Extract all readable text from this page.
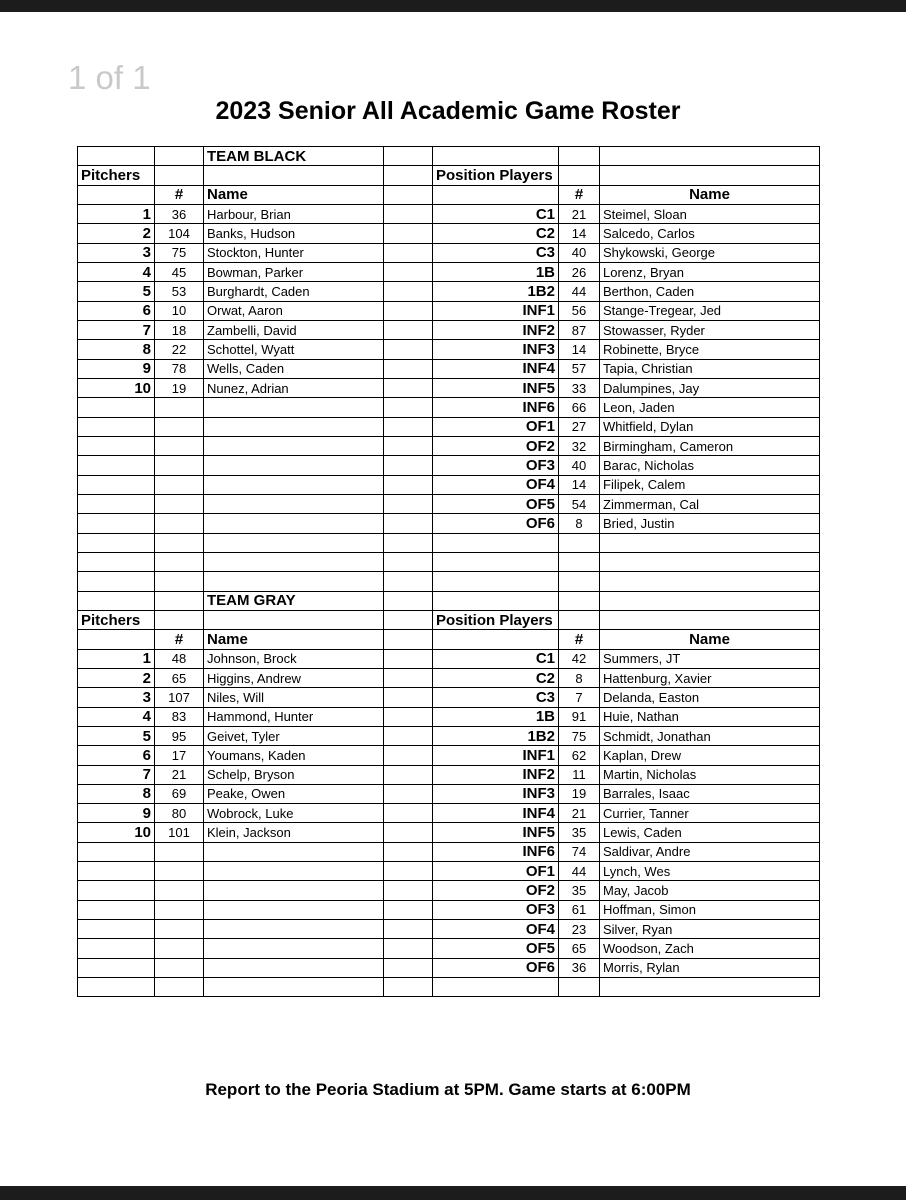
1 of 1
2023 Senior All Academic Game Roster
		TEAM BLACK				
Pitchers				Position Players		
	#	Name			#	Name
1	36	Harbour, Brian		C1	21	Steimel, Sloan
2	104	Banks, Hudson		C2	14	Salcedo, Carlos
3	75	Stockton, Hunter		C3	40	Shykowski, George
4	45	Bowman, Parker		1B	26	Lorenz, Bryan
5	53	Burghardt, Caden		1B2	44	Berthon, Caden
6	10	Orwat, Aaron		INF1	56	Stange-Tregear, Jed
7	18	Zambelli, David		INF2	87	Stowasser, Ryder
8	22	Schottel, Wyatt		INF3	14	Robinette, Bryce
9	78	Wells, Caden		INF4	57	Tapia, Christian
10	19	Nunez, Adrian		INF5	33	Dalumpines, Jay
				INF6	66	Leon, Jaden
				OF1	27	Whitfield, Dylan
				OF2	32	Birmingham, Cameron
				OF3	40	Barac, Nicholas
				OF4	14	Filipek, Calem
				OF5	54	Zimmerman, Cal
				OF6	8	Bried, Justin

		TEAM GRAY				
Pitchers				Position Players		
	#	Name			#	Name
1	48	Johnson, Brock		C1	42	Summers, JT
2	65	Higgins, Andrew		C2	8	Hattenburg, Xavier
3	107	Niles, Will		C3	7	Delanda, Easton
4	83	Hammond, Hunter		1B	91	Huie, Nathan
5	95	Geivet, Tyler		1B2	75	Schmidt, Jonathan
6	17	Youmans, Kaden		INF1	62	Kaplan, Drew
7	21	Schelp, Bryson		INF2	11	Martin, Nicholas
8	69	Peake, Owen		INF3	19	Barrales, Isaac
9	80	Wobrock, Luke		INF4	21	Currier, Tanner
10	101	Klein, Jackson		INF5	35	Lewis, Caden
				INF6	74	Saldivar, Andre
				OF1	44	Lynch, Wes
				OF2	35	May, Jacob
				OF3	61	Hoffman, Simon
				OF4	23	Silver, Ryan
				OF5	65	Woodson, Zach
				OF6	36	Morris, Rylan

Report to the Peoria Stadium at 5PM. Game starts at 6:00PM
